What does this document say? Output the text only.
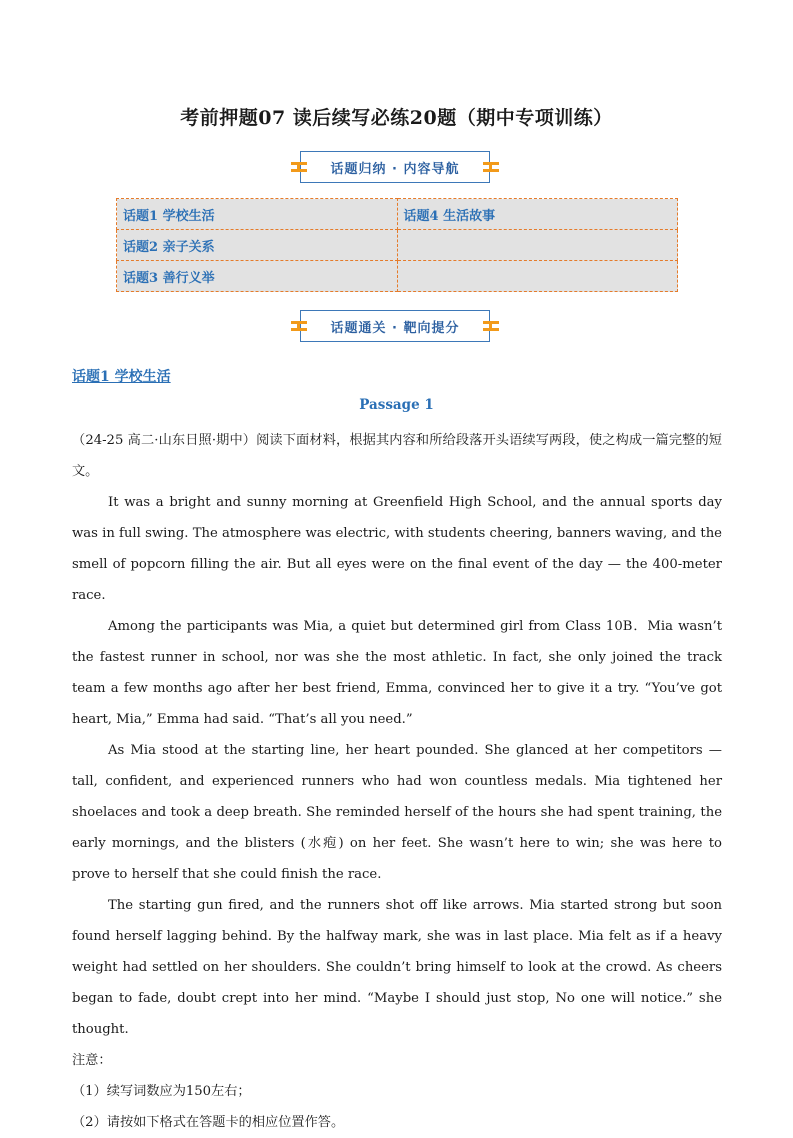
考前押题07 读后续写必练20题（期中专项训练）
话题归纳 · 内容导航
话题1 学校生活	话题4 生活故事
话题2 亲子关系	
话题3 善行义举	
话题通关 · 靶向提分
话题1 学校生活
Passage 1

（24-25 高二·山东日照·期中）阅读下面材料，根据其内容和所给段落开头语续写两段，使之构成一篇完整的短文。

It was a bright and sunny morning at Greenfield High School, and the annual sports day was in full swing. The atmosphere was electric, with students cheering, banners waving, and the smell of popcorn filling the air. But all eyes were on the final event of the day — the 400-meter race.

Among the participants was Mia, a quiet but determined girl from Class 10B．Mia wasn’t the fastest runner in school, nor was she the most athletic. In fact, she only joined the track team a few months ago after her best friend, Emma, convinced her to give it a try. “You’ve got heart, Mia,” Emma had said. “That’s all you need.”

As Mia stood at the starting line, her heart pounded. She glanced at her competitors — tall, confident, and experienced runners who had won countless medals. Mia tightened her shoelaces and took a deep breath. She reminded herself of the hours she had spent training, the early mornings, and the blisters (水疱) on her feet. She wasn’t here to win; she was here to prove to herself that she could finish the race.

The starting gun fired, and the runners shot off like arrows. Mia started strong but soon found herself lagging behind. By the halfway mark, she was in last place. Mia felt as if a heavy weight had settled on her shoulders. She couldn’t bring himself to look at the crowd. As cheers began to fade, doubt crept into her mind. “Maybe I should just stop, No one will notice.” she thought.

注意：

（1）续写词数应为150左右；

（2）请按如下格式在答题卡的相应位置作答。
